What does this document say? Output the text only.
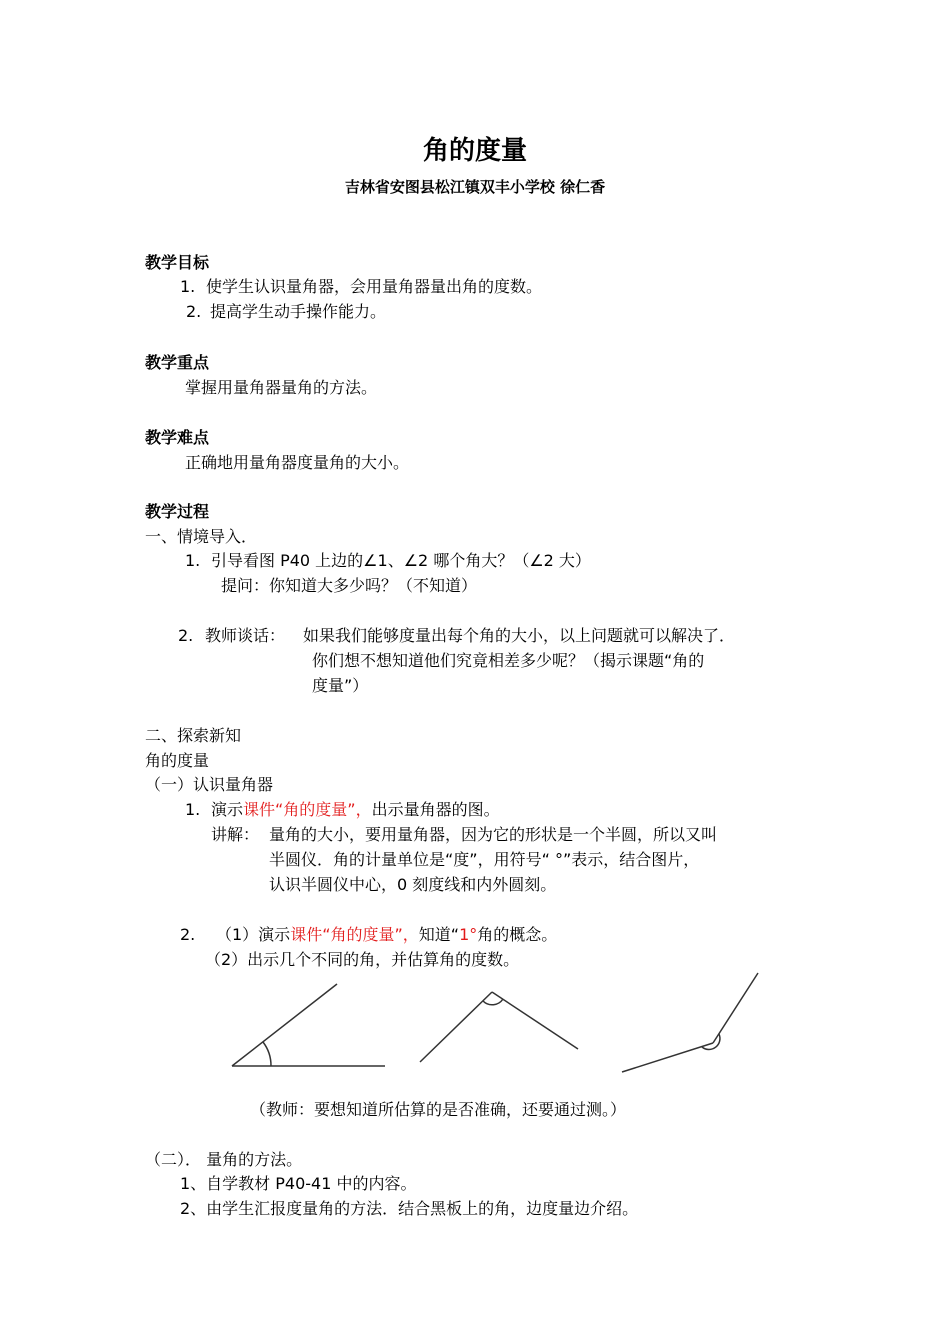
角的度量
吉林省安图县松江镇双丰小学校 徐仁香
教学目标
1. 使学生认识量角器，会用量角器量出角的度数。
2. 提高学生动手操作能力。
教学重点
掌握用量角器量角的方法。
教学难点
正确地用量角器度量角的大小。
教学过程
一、情境导入．
1. 引导看图 P40 上边的∠1、∠2 哪个角大？（∠2 大）
提问：你知道大多少吗？（不知道）
2. 教师谈话： 如果我们能够度量出每个角的大小，以上问题就可以解决了．
你们想不想知道他们究竟相差多少呢？（揭示课题“角的
度量”）
二、探索新知
角的度量
（一）认识量角器
1. 演示课件“角的度量”，出示量角器的图。
讲解： 量角的大小，要用量角器，因为它的形状是一个半圆，所以又叫
半圆仪．角的计量单位是“度”，用符号“ °”表示，结合图片，
认识半圆仪中心，0 刻度线和内外圆刻。
2. （1）演示课件“角的度量”，知道“1°角的概念。
（2）出示几个不同的角，并估算角的度数。
（教师：要想知道所估算的是否准确，还要通过测。）
（二）． 量角的方法。
1、自学教材 P40-41 中的内容。
2、由学生汇报度量角的方法．结合黑板上的角，边度量边介绍。
